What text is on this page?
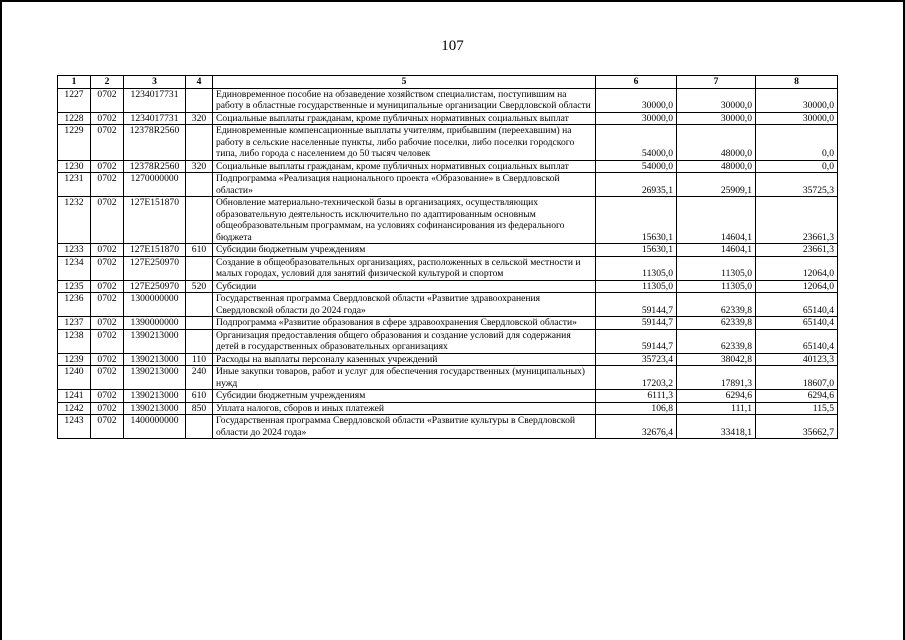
107
1	2	3	4	5	6	7	8
1227	0702	1234017731		Единовременное пособие на обзаведение хозяйством специалистам, поступившим на работу в областные государственные и муниципальные организации Свердловской области	30000,0	30000,0	30000,0
1228	0702	1234017731	320	Социальные выплаты гражданам, кроме публичных нормативных социальных выплат	30000,0	30000,0	30000,0
1229	0702	12378R2560		Единовременные компенсационные выплаты учителям, прибывшим (переехавшим) на работу в сельские населенные пункты, либо рабочие поселки, либо поселки городского типа, либо города с населением до 50 тысяч человек	54000,0	48000,0	0,0
1230	0702	12378R2560	320	Социальные выплаты гражданам, кроме публичных нормативных социальных выплат	54000,0	48000,0	0,0
1231	0702	1270000000		Подпрограмма «Реализация национального проекта «Образование» в Свердловской области»	26935,1	25909,1	35725,3
1232	0702	127E151870		Обновление материально-технической базы в организациях, осуществляющих образовательную деятельность исключительно по адаптированным основным общеобразовательным программам, на условиях софинансирования из федерального бюджета	15630,1	14604,1	23661,3
1233	0702	127E151870	610	Субсидии бюджетным учреждениям	15630,1	14604,1	23661,3
1234	0702	127E250970		Создание в общеобразовательных организациях, расположенных в сельской местности и малых городах, условий для занятий физической культурой и спортом	11305,0	11305,0	12064,0
1235	0702	127E250970	520	Субсидии	11305,0	11305,0	12064,0
1236	0702	1300000000		Государственная программа Свердловской области «Развитие здравоохранения Свердловской области до 2024 года»	59144,7	62339,8	65140,4
1237	0702	1390000000		Подпрограмма «Развитие образования в сфере здравоохранения Свердловской области»	59144,7	62339,8	65140,4
1238	0702	1390213000		Организация предоставления общего образования и создание условий для содержания детей в государственных образовательных организациях	59144,7	62339,8	65140,4
1239	0702	1390213000	110	Расходы на выплаты персоналу казенных учреждений	35723,4	38042,8	40123,3
1240	0702	1390213000	240	Иные закупки товаров, работ и услуг для обеспечения государственных (муниципальных) нужд	17203,2	17891,3	18607,0
1241	0702	1390213000	610	Субсидии бюджетным учреждениям	6111,3	6294,6	6294,6
1242	0702	1390213000	850	Уплата налогов, сборов и иных платежей	106,8	111,1	115,5
1243	0702	1400000000		Государственная программа Свердловской области «Развитие культуры в Свердловской области до 2024 года»	32676,4	33418,1	35662,7
